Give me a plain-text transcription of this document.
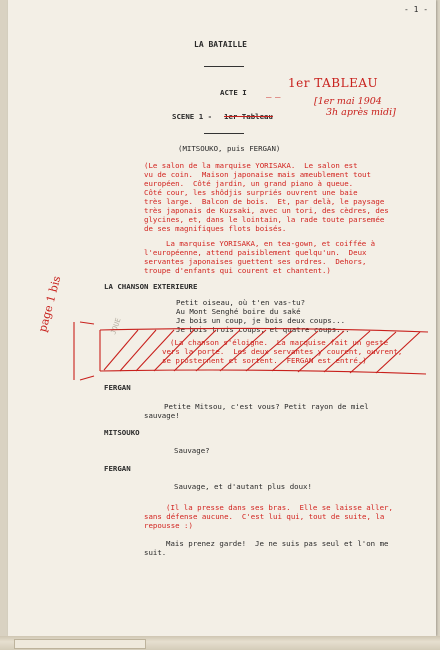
- 1 -
LA BATAILLE
ACTE I _ _
1er TABLEAU
[1er mai 1904
3h après midi]
SCENE 1 - 1er Tableau
(MITSOUKO, puis FERGAN)
(Le salon de la marquise YORISAKA.  Le salon est
vu de coin.  Maison japonaise mais ameublement tout
européen.  Côté jardin, un grand piano à queue.
Côté cour, les shôdjis surpriés ouvrent une baie
très large.  Balcon de bois.  Et, par delà, le paysage
très japonais de Kuzsaki, avec un tori, des cèdres, des
glycines, et, dans le lointain, la rade toute parsemée
de ses magnifiques flots boisés.
La marquise YORISAKA, en tea-gown, et coiffée à
l'européenne, attend paisiblement quelqu'un.  Deux
servantes japonaises guettent ses ordres.  Dehors,
troupe d'enfants qui courent et chantent.)
LA CHANSON EXTERIEURE
Petit oiseau, où t'en vas-tu?
Au Mont Senghé boire du saké
Je bois un coup, je bois deux coups...
Je bois trois coups, et quatre coups...
JOUE
page 1 bis
(La chanson s'éloigne.  La marquise fait un geste
vers la porte.  Les deux servantes y courent, ouvrent,
se prosternent et sortent.  FERGAN est entré.)
FERGAN
Petite Mitsou, c'est vous? Petit rayon de miel
sauvage!
MITSOUKO
Sauvage?
FERGAN
Sauvage, et d'autant plus doux!
(Il la presse dans ses bras.  Elle se laisse aller,
sans défense aucune.  C'est lui qui, tout de suite, la
repousse :)
Mais prenez garde!  Je ne suis pas seul et l'on me
suit.
